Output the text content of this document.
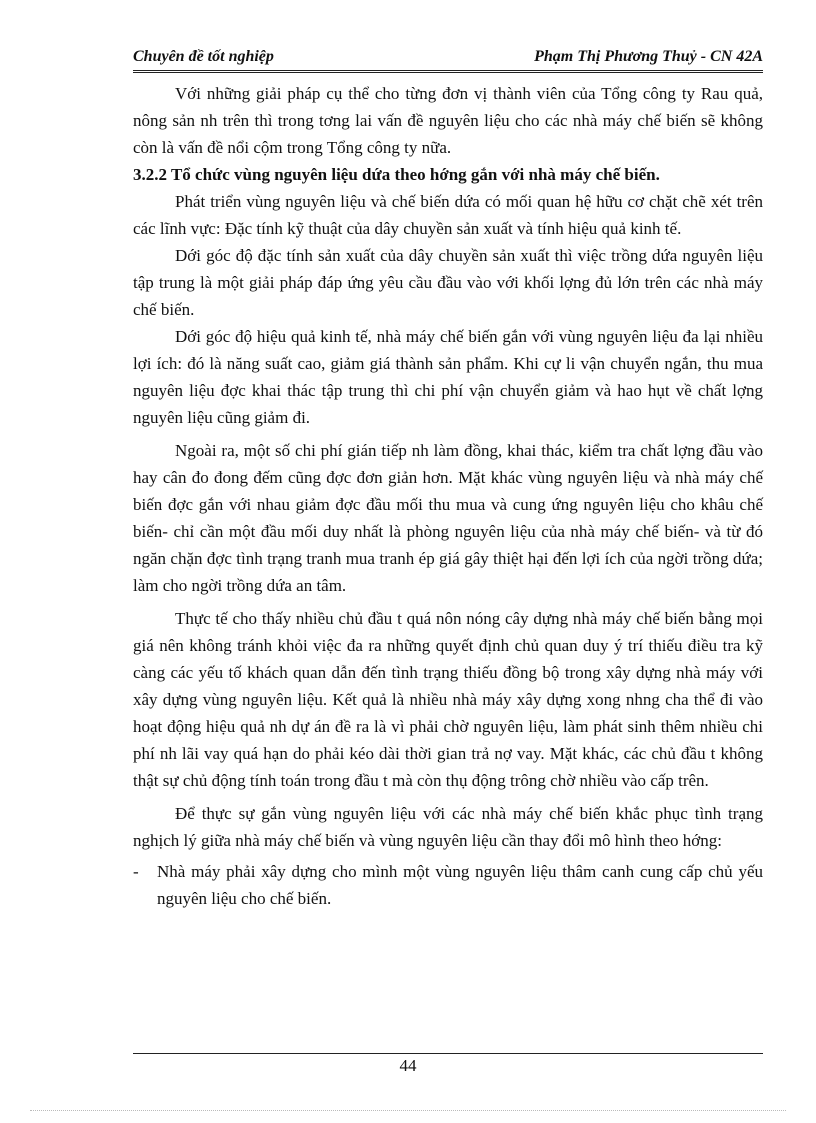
Chuyên đề tốt nghiệp	Phạm Thị Phương Thuỷ - CN 42A

Với những giải pháp cụ thể cho từng đơn vị thành viên của Tổng công ty Rau quả, nông sản nh trên thì trong tơng lai vấn đề nguyên liệu cho các nhà máy chế biến sẽ không còn là vấn đề nổi cộm trong Tổng công ty nữa.

3.2.2 Tổ chức vùng nguyên liệu dứa theo hớng gắn với nhà máy chế biến.

Phát triển vùng nguyên liệu và chế biến dứa có mối quan hệ hữu cơ chặt chẽ xét trên các lĩnh vực: Đặc tính kỹ thuật của dây chuyền sản xuất và tính hiệu quả kinh tế.

Dới góc độ đặc tính sản xuất của dây chuyền sản xuất thì việc trồng dứa nguyên liệu tập trung là một giải pháp đáp ứng yêu cầu đầu vào với khối lợng đủ lớn trên các nhà máy chế biến.

Dới góc độ hiệu quả kinh tế, nhà máy chế biến gắn với vùng nguyên liệu đa lại nhiều lợi ích: đó là năng suất cao, giảm giá thành sản phẩm. Khi cự li vận chuyển ngắn, thu mua nguyên liệu đợc khai thác tập trung thì chi phí vận chuyển giảm và hao hụt về chất lợng nguyên liệu cũng giảm đi.

Ngoài ra, một số chi phí gián tiếp nh làm đồng, khai thác, kiểm tra chất lợng đầu vào hay cân đo đong đếm cũng đợc đơn giản hơn. Mặt khác vùng nguyên liệu và nhà máy chế biến đợc gắn với nhau giảm đợc đầu mối thu mua và cung ứng nguyên liệu cho khâu chế biến- chỉ cần một đầu mối duy nhất là phòng nguyên liệu của nhà máy chế biến- và từ đó ngăn chặn đợc tình trạng tranh mua tranh ép giá gây thiệt hại đến lợi ích của ngời trồng dứa; làm cho ngời trồng dứa an tâm.

Thực tế cho thấy nhiều chủ đầu t quá nôn nóng cây dựng nhà máy chế biến bằng mọi giá nên không tránh khỏi việc đa ra những quyết định chủ quan duy ý trí thiếu điều tra kỹ càng các yếu tố khách quan dẫn đến tình trạng thiếu đồng bộ trong xây dựng nhà máy với xây dựng vùng nguyên liệu. Kết quả là nhiều nhà máy xây dựng xong nhng cha thể đi vào hoạt động hiệu quả nh dự án đề ra là vì phải chờ nguyên liệu, làm phát sinh thêm nhiều chi phí nh lãi vay quá hạn do phải kéo dài thời gian trả nợ vay. Mặt khác, các chủ đầu t không thật sự chủ động tính toán trong đầu t mà còn thụ động trông chờ nhiều vào cấp trên.

Để thực sự gắn vùng nguyên liệu với các nhà máy chế biến khắc phục tình trạng nghịch lý giữa nhà máy chế biến và vùng nguyên liệu cần thay đổi mô hình theo hớng:

-	Nhà máy phải xây dựng cho mình một vùng nguyên liệu thâm canh cung cấp chủ yếu nguyên liệu cho chế biến.
44
